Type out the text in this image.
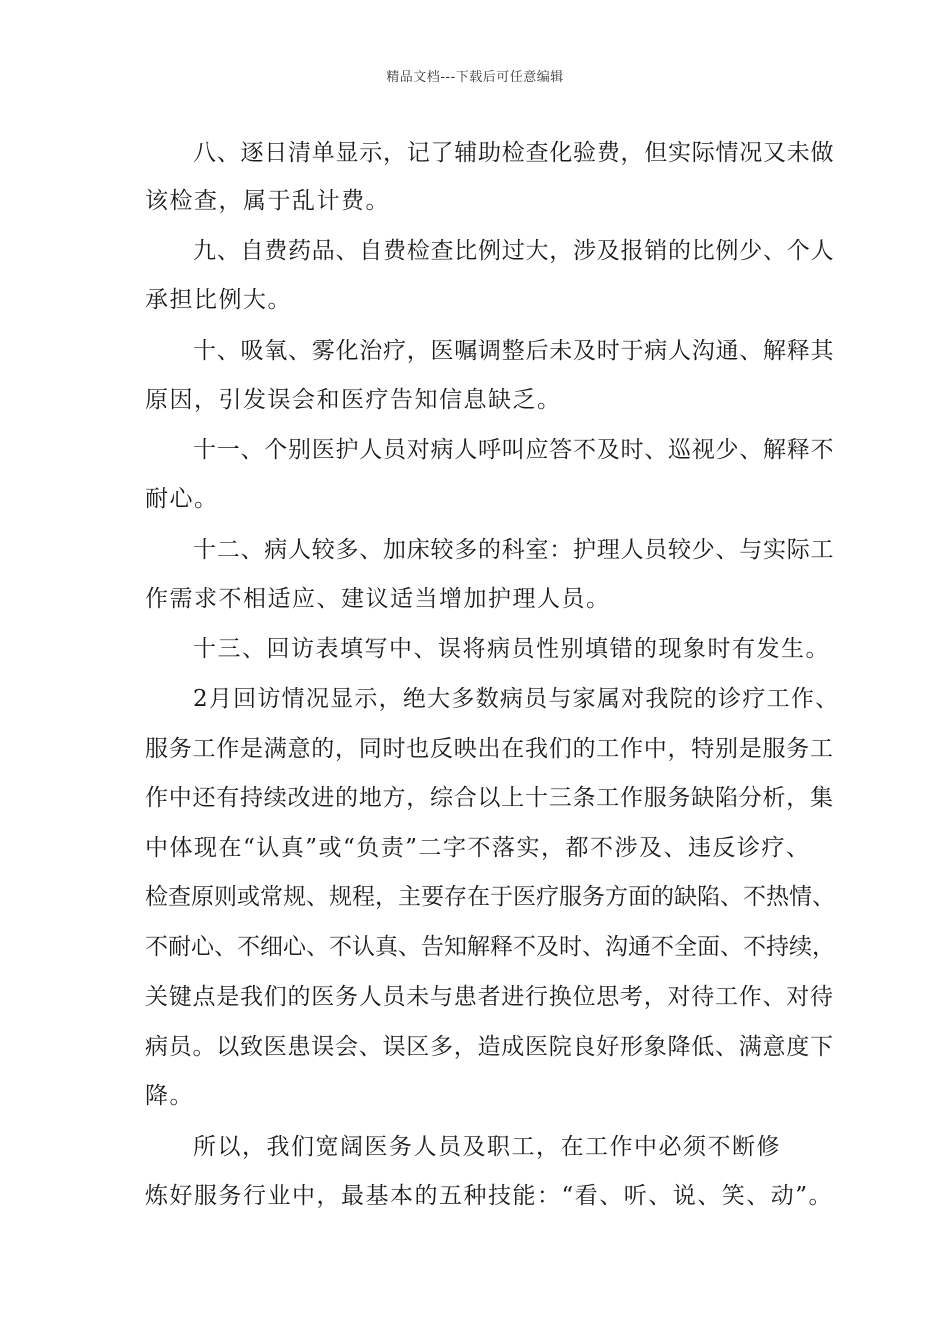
精品文档---下载后可任意编辑
八、逐日清单显示，记了辅助检查化验费，但实际情况又未做
该检查，属于乱计费。
九、自费药品、自费检查比例过大，涉及报销的比例少、个人
承担比例大。
十、吸氧、雾化治疗，医嘱调整后未及时于病人沟通、解释其
原因，引发误会和医疗告知信息缺乏。
十一、个别医护人员对病人呼叫应答不及时、巡视少、解释不
耐心。
十二、病人较多、加床较多的科室：护理人员较少、与实际工
作需求不相适应、建议适当增加护理人员。
十三、回访表填写中、误将病员性别填错的现象时有发生。
2月回访情况显示，绝大多数病员与家属对我院的诊疗工作、
服务工作是满意的，同时也反映出在我们的工作中，特别是服务工
作中还有持续改进的地方，综合以上十三条工作服务缺陷分析，集
中体现在“认真”或“负责”二字不落实，都不涉及、违反诊疗、
检查原则或常规、规程，主要存在于医疗服务方面的缺陷、不热情、
不耐心、不细心、不认真、告知解释不及时、沟通不全面、不持续，
关键点是我们的医务人员未与患者进行换位思考，对待工作、对待
病员。以致医患误会、误区多，造成医院良好形象降低、满意度下
降。
所以，我们宽阔医务人员及职工，在工作中必须不断修
炼好服务行业中，最基本的五种技能：“看、听、说、笑、动”。
